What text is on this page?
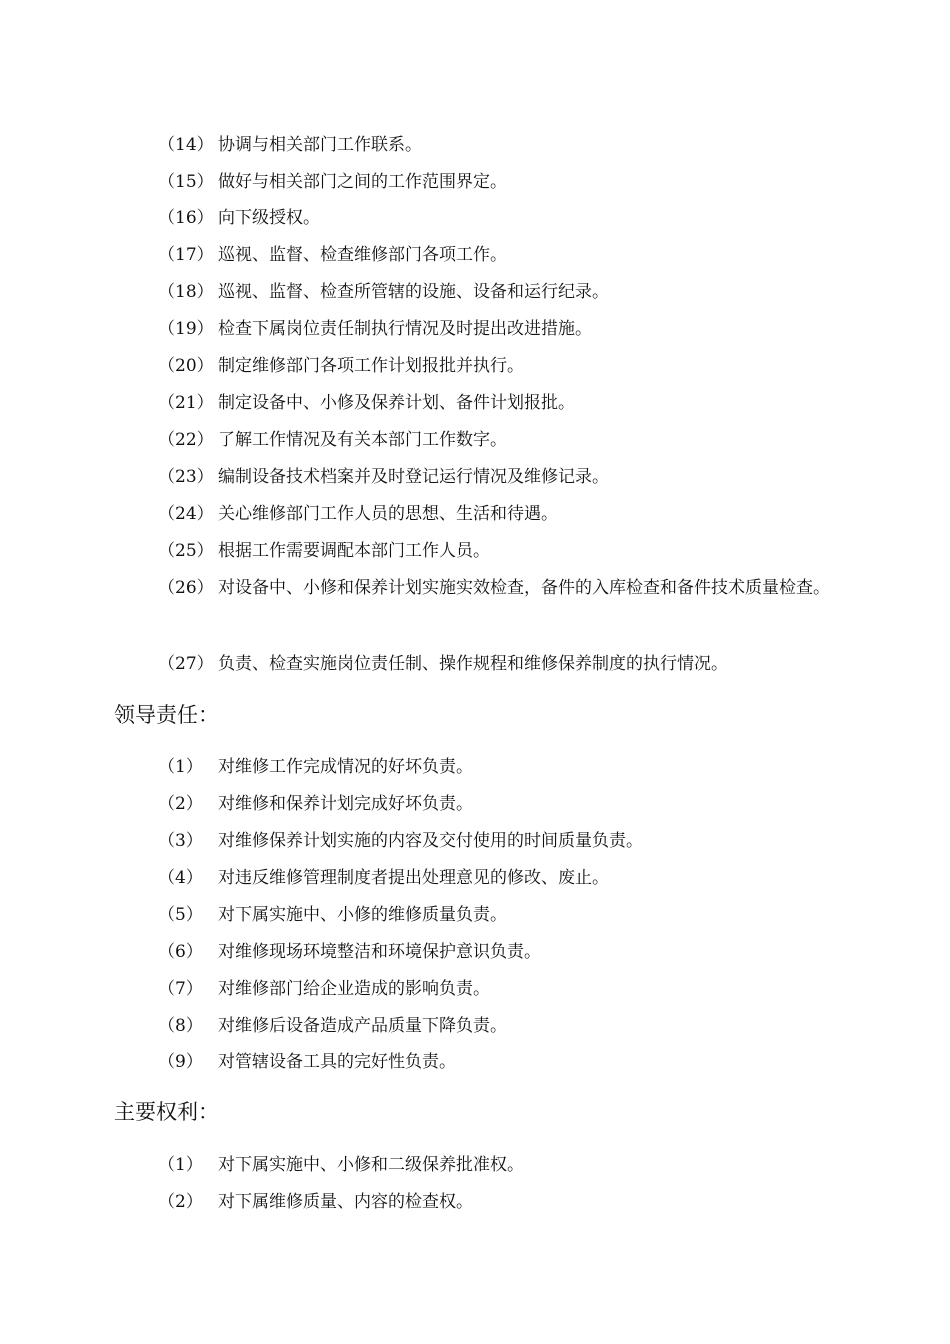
（14） 协调与相关部门工作联系。
（15） 做好与相关部门之间的工作范围界定。
（16） 向下级授权。
（17） 巡视、监督、检查维修部门各项工作。
（18） 巡视、监督、检查所管辖的设施、设备和运行纪录。
（19） 检查下属岗位责任制执行情况及时提出改进措施。
（20） 制定维修部门各项工作计划报批并执行。
（21） 制定设备中、小修及保养计划、备件计划报批。
（22） 了解工作情况及有关本部门工作数字。
（23） 编制设备技术档案并及时登记运行情况及维修记录。
（24） 关心维修部门工作人员的思想、生活和待遇。
（25） 根据工作需要调配本部门工作人员。
（26） 对设备中、小修和保养计划实施实效检查，备件的入库检查和备件技术质量检查。
（27） 负责、检查实施岗位责任制、操作规程和维修保养制度的执行情况。
领导责任：
（1） 对维修工作完成情况的好坏负责。
（2） 对维修和保养计划完成好坏负责。
（3） 对维修保养计划实施的内容及交付使用的时间质量负责。
（4） 对违反维修管理制度者提出处理意见的修改、废止。
（5） 对下属实施中、小修的维修质量负责。
（6） 对维修现场环境整洁和环境保护意识负责。
（7） 对维修部门给企业造成的影响负责。
（8） 对维修后设备造成产品质量下降负责。
（9） 对管辖设备工具的完好性负责。
主要权利：
（1） 对下属实施中、小修和二级保养批准权。
（2） 对下属维修质量、内容的检查权。
